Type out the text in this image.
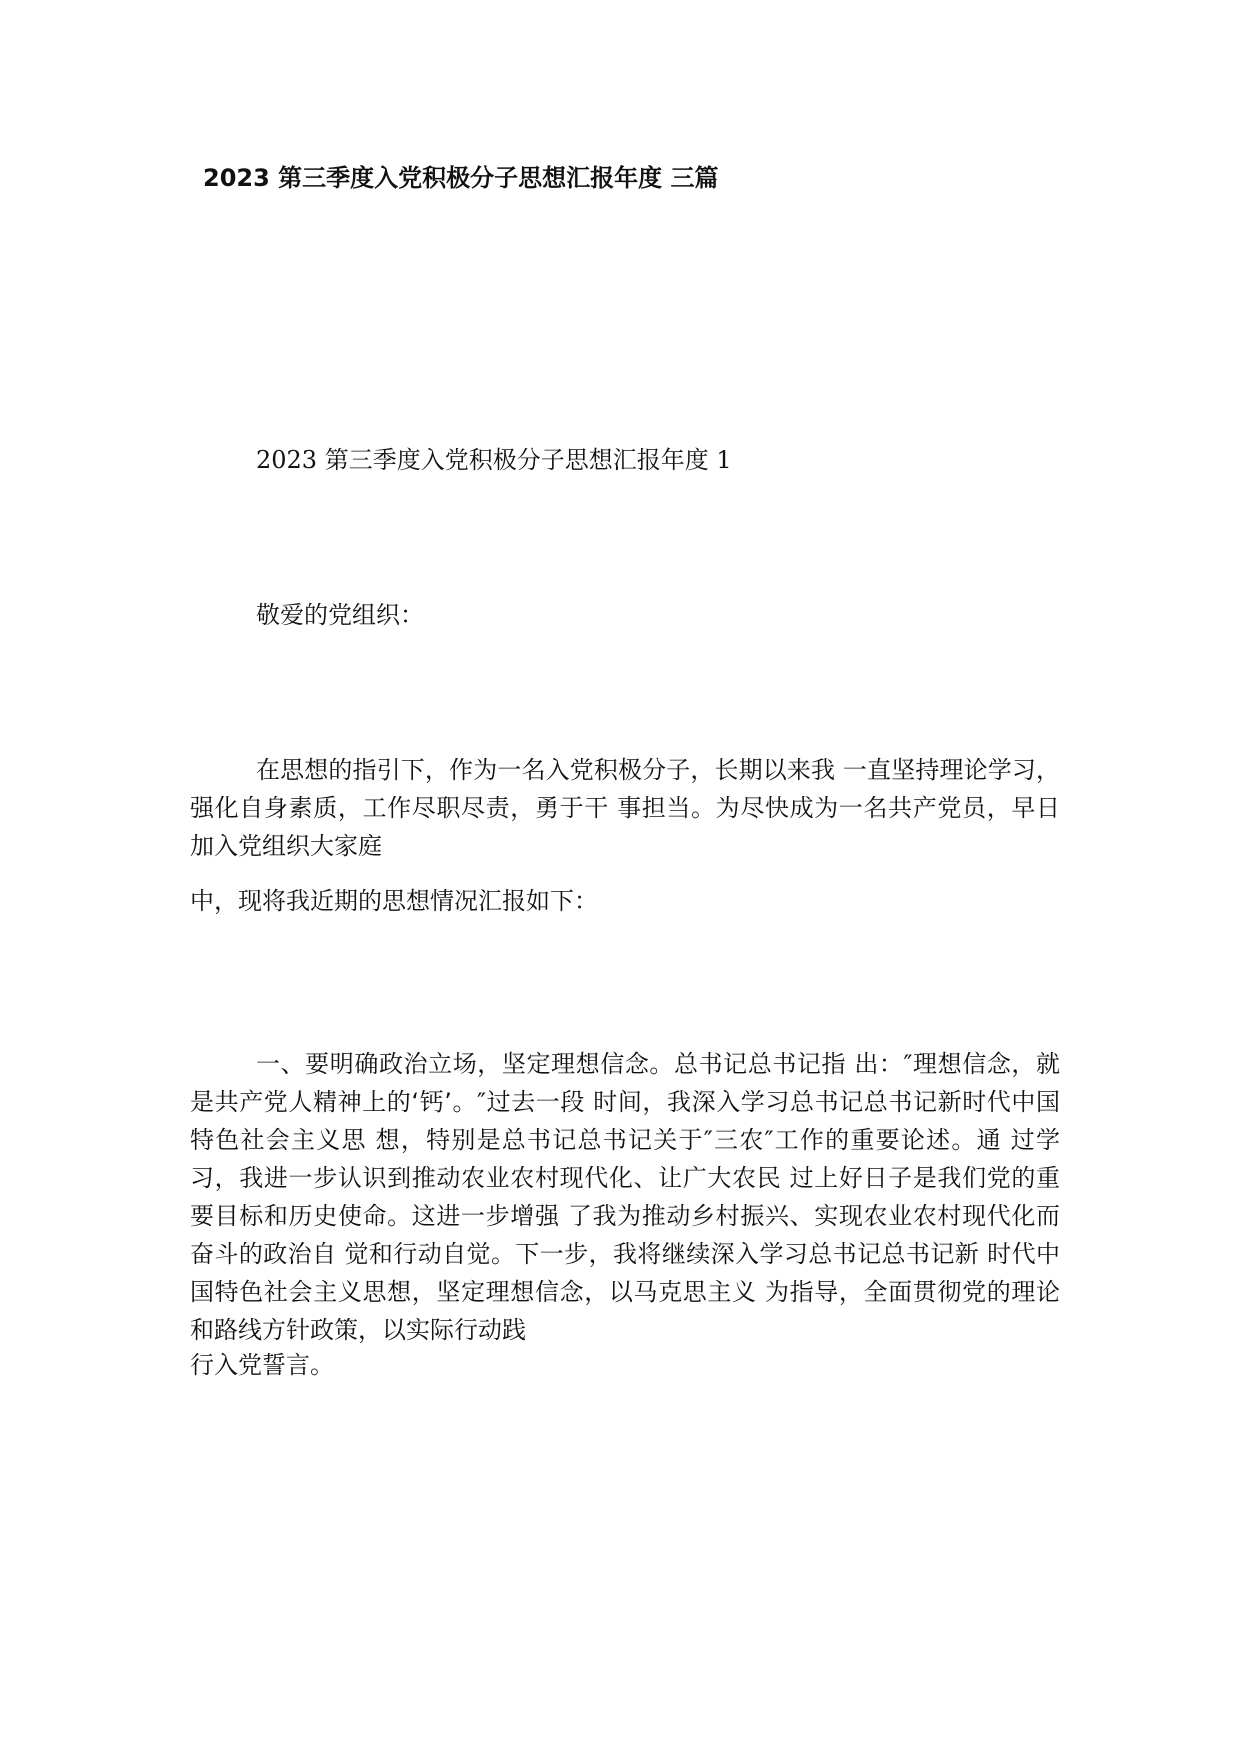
2023 第三季度入党积极分子思想汇报年度 三篇
2023 第三季度入党积极分子思想汇报年度 1
敬爱的党组织：

在思想的指引下，作为一名入党积极分子，长期以来我 一直坚持理论学习，强化自身素质，工作尽职尽责，勇于干 事担当。为尽快成为一名共产党员，早日加入党组织大家庭

中，现将我近期的思想情况汇报如下：

一、要明确政治立场，坚定理想信念。总书记总书记指 出：″理想信念，就是共产党人精神上的‘钙’。″过去一段 时间，我深入学习总书记总书记新时代中国特色社会主义思 想，特别是总书记总书记关于″三农″工作的重要论述。通 过学习，我进一步认识到推动农业农村现代化、让广大农民 过上好日子是我们党的重要目标和历史使命。这进一步增强 了我为推动乡村振兴、实现农业农村现代化而奋斗的政治自 觉和行动自觉。下一步，我将继续深入学习总书记总书记新 时代中国特色社会主义思想，坚定理想信念，以马克思主义 为指导，全面贯彻党的理论和路线方针政策，以实际行动践

行入党誓言。
